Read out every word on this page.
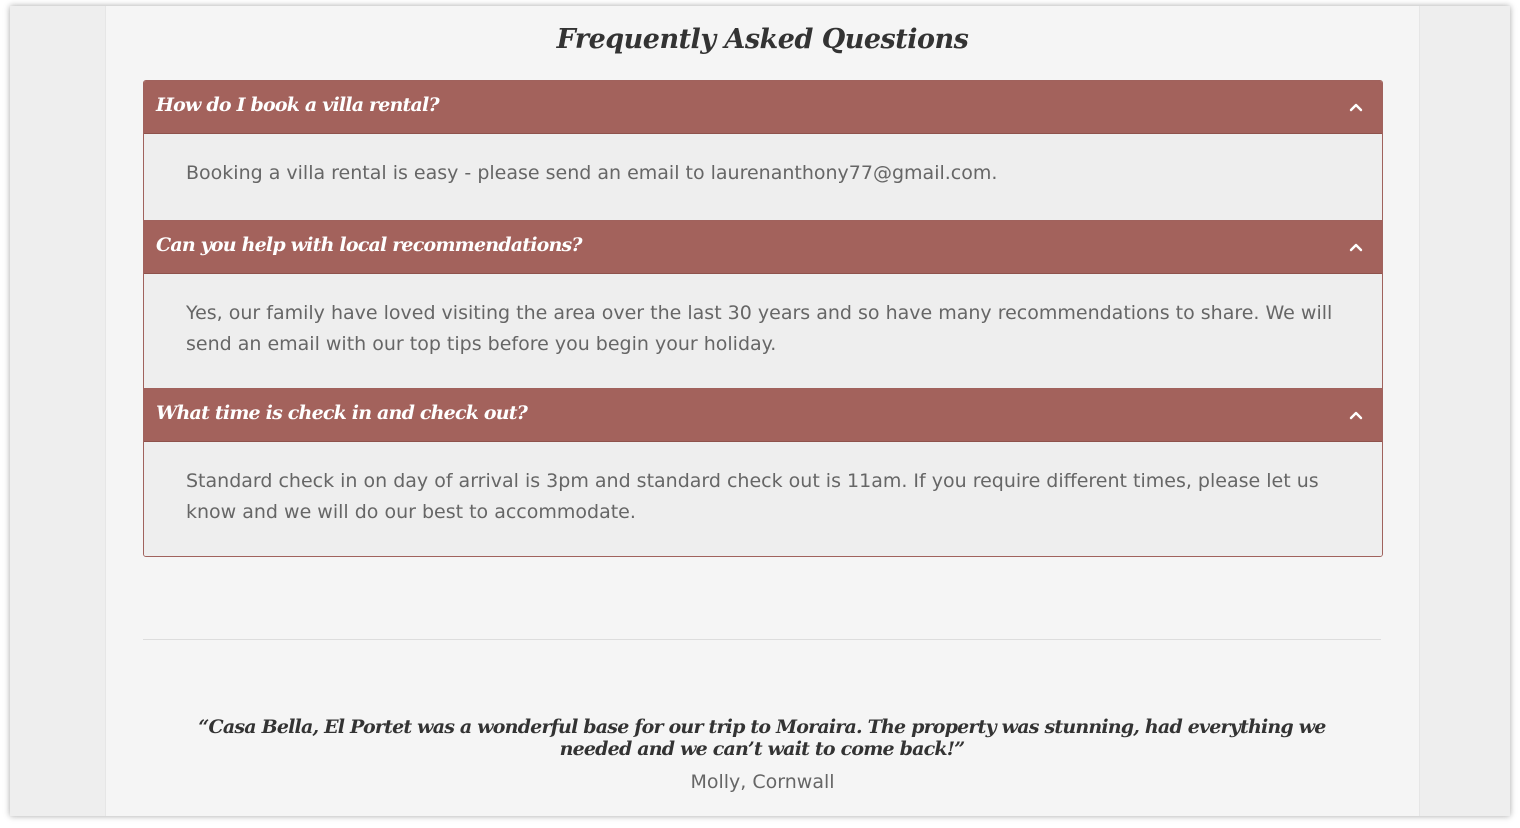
Frequently Asked Questions
How do I book a villa rental?
Booking a villa rental is easy - please send an email to laurenanthony77@gmail.com.
Can you help with local recommendations?
Yes, our family have loved visiting the area over the last 30 years and so have many recommendations to share. We will send an email with our top tips before you begin your holiday.
What time is check in and check out?
Standard check in on day of arrival is 3pm and standard check out is 11am. If you require different times, please let us know and we will do our best to accommodate.
“Casa Bella, El Portet was a wonderful base for our trip to Moraira. The property was stunning, had everything we needed and we can’t wait to come back!”
Molly, Cornwall
